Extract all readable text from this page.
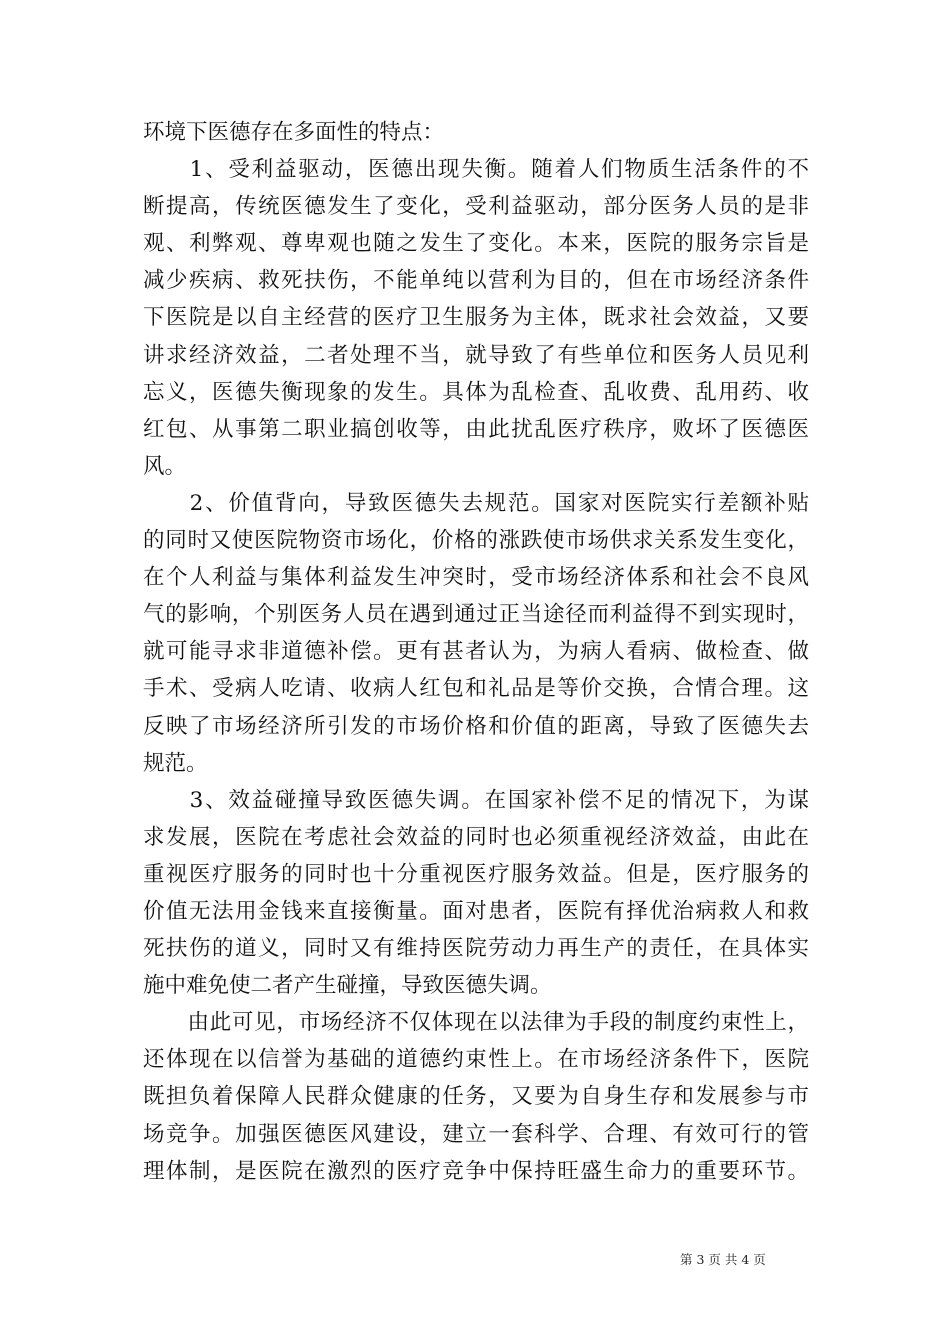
环境下医德存在多面性的特点：
　　1、受利益驱动，医德出现失衡。随着人们物质生活条件的不
断提高，传统医德发生了变化，受利益驱动，部分医务人员的是非
观、利弊观、尊卑观也随之发生了变化。本来，医院的服务宗旨是
减少疾病、救死扶伤，不能单纯以营利为目的，但在市场经济条件
下医院是以自主经营的医疗卫生服务为主体，既求社会效益，又要
讲求经济效益，二者处理不当，就导致了有些单位和医务人员见利
忘义，医德失衡现象的发生。具体为乱检查、乱收费、乱用药、收
红包、从事第二职业搞创收等，由此扰乱医疗秩序，败坏了医德医
风。
　　2、价值背向，导致医德失去规范。国家对医院实行差额补贴
的同时又使医院物资市场化，价格的涨跌使市场供求关系发生变化，
在个人利益与集体利益发生冲突时，受市场经济体系和社会不良风
气的影响，个别医务人员在遇到通过正当途径而利益得不到实现时，
就可能寻求非道德补偿。更有甚者认为，为病人看病、做检查、做
手术、受病人吃请、收病人红包和礼品是等价交换，合情合理。这
反映了市场经济所引发的市场价格和价值的距离，导致了医德失去
规范。
　　3、效益碰撞导致医德失调。在国家补偿不足的情况下，为谋
求发展，医院在考虑社会效益的同时也必须重视经济效益，由此在
重视医疗服务的同时也十分重视医疗服务效益。但是，医疗服务的
价值无法用金钱来直接衡量。面对患者，医院有择优治病救人和救
死扶伤的道义，同时又有维持医院劳动力再生产的责任，在具体实
施中难免使二者产生碰撞，导致医德失调。
　　由此可见，市场经济不仅体现在以法律为手段的制度约束性上，
还体现在以信誉为基础的道德约束性上。在市场经济条件下，医院
既担负着保障人民群众健康的任务，又要为自身生存和发展参与市
场竞争。加强医德医风建设，建立一套科学、合理、有效可行的管
理体制，是医院在激烈的医疗竞争中保持旺盛生命力的重要环节。
第 3 页 共 4 页
